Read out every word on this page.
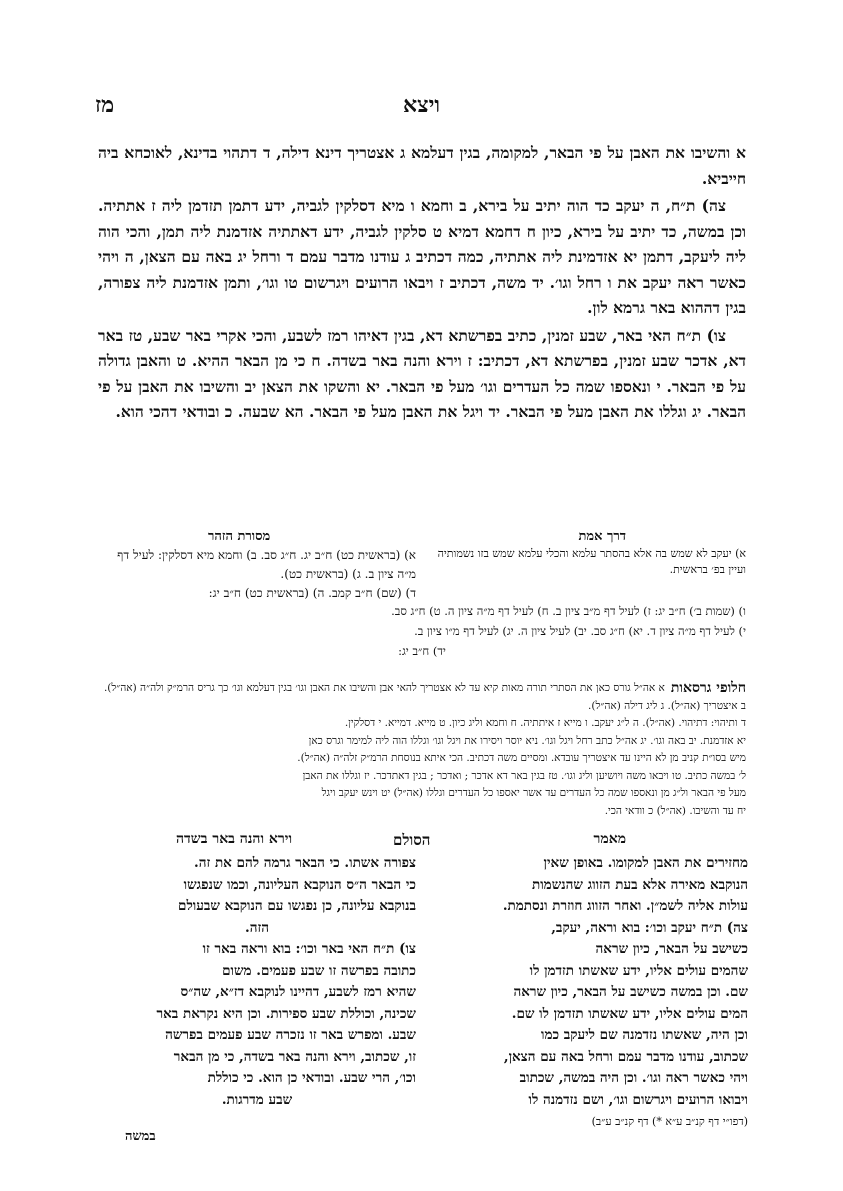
מז	ויצא

א והשיבו את האבן על פי הבאר, למקומה, בגין דעלמא ג אצטריך דינא דילה, ד דתהוי בדינא, לאוכחא ביה חייביא.

צה) ת״ח, ה יעקב כד הוה יתיב על בירא, ב וחמא ו מיא דסלקין לגביה, ידע דתמן תזדמן ליה ז אתתיה. וכן במשה, כד יתיב על בירא, כיון ח דחמא דמיא ט סלקין לגביה, ידע דאתתיה אזדמנת ליה תמן, והכי הוה ליה ליעקב, דתמן יא אזדמינת ליה אתתיה, כמה דכתיב ג עודנו מדבר עמם ד ורחל יג באה עם הצאן, ה ויהי כאשר ראה יעקב את ו רחל וגו׳. יד משה, דכתיב ז ויבאו הרועים ויגרשום טו וגו׳, ותמן אזדמנת ליה צפורה, בגין דההוא באר גרמא לון.

צו) ת״ח האי באר, שבע זמנין, כתיב בפרשתא דא, בגין דאיהו רמז לשבע, והכי אקרי באר שבע, טז באר דא, אדכר שבע זמנין, בפרשתא דא, דכתיב: ז וירא והנה באר בשדה. ח כי מן הבאר ההיא. ט והאבן גדולה על פי הבאר. י ונאספו שמה כל העדרים וגו׳ מעל פי הבאר. יא והשקו את הצאן יב והשיבו את האבן על פי הבאר. יג וגללו את האבן מעל פי הבאר. יד ויגל את האבן מעל פי הבאר. הא שבעה. כ ובודאי דהכי הוא.

דרך אמת
מסורת הזהר
א) יעקב לא שמש בה אלא בהסתר עלמא והכלי עלמא שמש בזו נשמותיה ועיין בפ׳ בראשית.
א) (בראשית כט) ח״ב יג. ח״ג סב. ב) וחמא מיא דסלקין: לעיל דף מ״ה ציון ב. ג) (בראשית כט).
ד) (שם) ח״ב קמב. ה) (בראשית כט) ח״ב יג:
ו) (שמות ב׳) ח״ב יג: ז) לעיל דף מ״ב ציון ב. ח) לעיל דף מ״ה ציון ה. ט) ח״ג סב.
י) לעיל דף מ״ה ציון ד. יא) ח״ג סב. יב) לעיל ציון ה. יג) לעיל דף מ״ו ציון ב.
יד) ח״ב יג:
חלופי גרסאות

א אה״ל גורס כאן את הסתרי תורה מאות קיא עד לא אצטריך להאי אבן והשיבו את האבן וגו׳ בגין דעלמא וגו׳ כך גריס הרמ״ק ולה״ה (אה״ל). ב איצטריך (אה״ל). ג ליג דילה (אה״ל).

ד ותיהוי: דתיהוי. (אה״ל). ה ל״ג יעקב. ו מייא ז איתתיה. ח וחמא וליג כיון. ט מייא. דמייא. י דסלקין.

יא אזדמנת. יב באה וגו׳. יג אה״ל כתב רחל ויגל וגו׳. ניא יוסר ויסירו את ויגל וגו׳ וגללו הוה ליה למימר וגרס כאן

מיש בסו״ת קניב מן לא היינו עד איצטריך עובדא. ומסיים משה דכתיב. הכי איתא בנוסחת הרמ״ק זלה״ה (אה״ל).

ל׳ במשה כתיב. טו ויבאו משה ויושיען וליג וגו׳. טז בגין באר דא אדכר ; ואדכר ; בגין דאתדכר. יז וגללו את האבן

מעל פי הבאר ול״ג מן ונאספו שמה כל העדרים עד אשר יאספו כל העדרים וגללו (אה״ל) יט וינש יעקב ויגל

יח עד והשיבו. (אה״ל) כ וודאי הכי.

מאמר
הסולם
וירא והנה באר בשדה

מחזירים את האבן למקומו. באופן שאין

הנוקבא מאירה אלא בעת הזווג שהנשמות

עולות אליה לשמ״ן. ואחר הזווג חוזרת ונסתמת.

צה) ת״ח יעקב וכו׳: בוא וראה, יעקב,

כשישב על הבאר, כיון שראה

שהמים עולים אליו, ידע שאשתו תזדמן לו

שם. וכן במשה כשישב על הבאר, כיון שראה

המים עולים אליו, ידע שאשתו תזדמן לו שם.

וכן היה, שאשתו נזדמנה שם ליעקב כמו

שכתוב, עודנו מדבר עמם ורחל באה עם הצאן,

ויהי כאשר ראה וגו׳. וכן היה במשה, שכתוב

ויבואו הרועים ויגרשום וגו׳, ושם נזדמנה לו

(דפו״י דף קנ״ב ע״א *) דף קנ״ב ע״ב)

צפורה אשתו. כי הבאר גרמה להם את זה.

כי הבאר ה״ס הנוקבא העליונה, וכמו שנפגשו

בנוקבא עליונה, כן נפגשו עם הנוקבא שבעולם

הזה.

צו) ת״ח האי באר וכו׳: בוא וראה באר זו

כתובה בפרשה זו שבע פעמים. משום

שהיא רמז לשבע, דהיינו לנוקבא דז״א, שה״ס

שכינה, וכוללת שבע ספירות. וכן היא נקראת באר

שבע. ומפרש באר זו נזכרה שבע פעמים בפרשה

זו, שכתוב, וירא והנה באר בשדה, כי מן הבאר

וכו׳, הרי שבע. ובודאי כן הוא. כי כוללת

שבע מדרגות.

במשה
